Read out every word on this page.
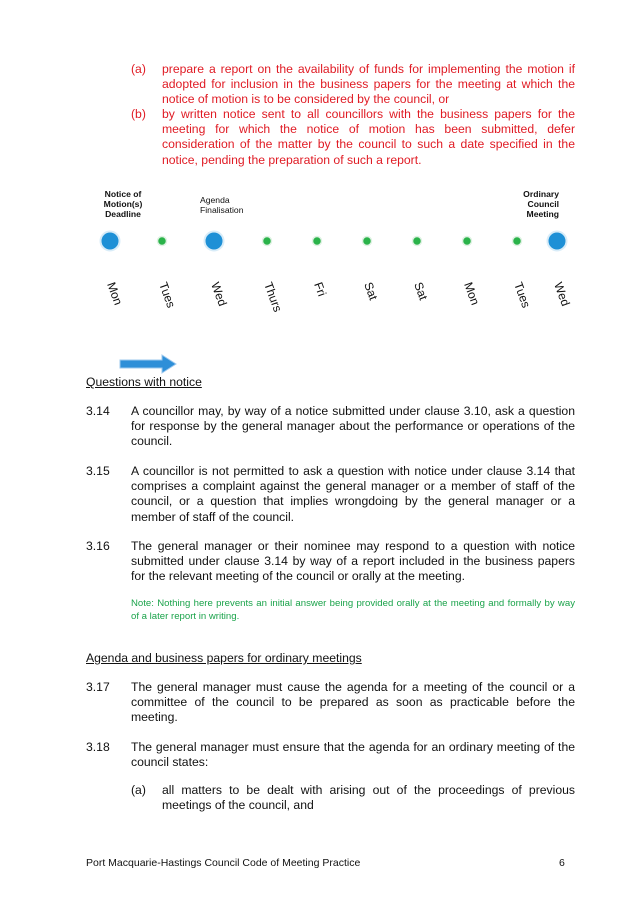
(a) prepare a report on the availability of funds for implementing the motion if adopted for inclusion in the business papers for the meeting at which the notice of motion is to be considered by the council, or
(b) by written notice sent to all councillors with the business papers for the meeting for which the notice of motion has been submitted, defer consideration of the matter by the council to such a date specified in the notice, pending the preparation of such a report.
Notice of Motion(s) Deadline
Agenda Finalisation
Ordinary Council Meeting
Mon	Tues Wed	Thurs Fri	Sat	Sat	Mon Tues Wed
Questions with notice
3.14 A councillor may, by way of a notice submitted under clause 3.10, ask a question for response by the general manager about the performance or operations of the council.
3.15 A councillor is not permitted to ask a question with notice under clause 3.14 that comprises a complaint against the general manager or a member of staff of the council, or a question that implies wrongdoing by the general manager or a member of staff of the council.
3.16 The general manager or their nominee may respond to a question with notice submitted under clause 3.14 by way of a report included in the business papers for the relevant meeting of the council or orally at the meeting.
Note: Nothing here prevents an initial answer being provided orally at the meeting and formally by way of a later report in writing.
Agenda and business papers for ordinary meetings
3.17 The general manager must cause the agenda for a meeting of the council or a committee of the council to be prepared as soon as practicable before the meeting.
3.18 The general manager must ensure that the agenda for an ordinary meeting of the council states:
(a) all matters to be dealt with arising out of the proceedings of previous meetings of the council, and
Port Macquarie-Hastings Council Code of Meeting Practice	6
